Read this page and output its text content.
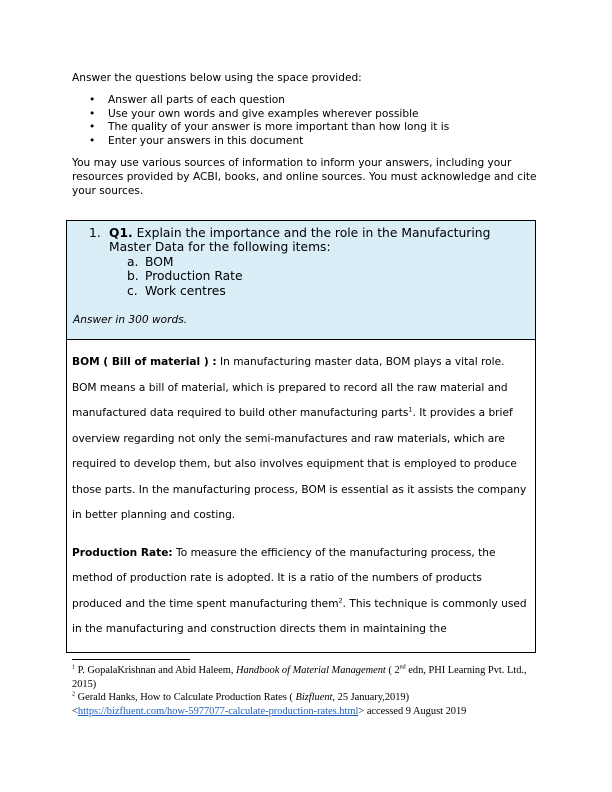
Answer the questions below using the space provided:

• Answer all parts of each question
• Use your own words and give examples wherever possible
• The quality of your answer is more important than how long it is
• Enter your answers in this document

You may use various sources of information to inform your answers, including your resources provided by ACBI, books, and online sources. You must acknowledge and cite your sources.

1. Q1. Explain the importance and the role in the Manufacturing Master Data for the following items:
a. BOM
b. Production Rate
c. Work centres
Answer in 300 words.

BOM ( Bill of material ) : In manufacturing master data, BOM plays a vital role. BOM means a bill of material, which is prepared to record all the raw material and manufactured data required to build other manufacturing parts$^1$. It provides a brief overview regarding not only the semi-manufactures and raw materials, which are required to develop them, but also involves equipment that is employed to produce those parts. In the manufacturing process, BOM is essential as it assists the company in better planning and costing.

Production Rate: To measure the efficiency of the manufacturing process, the method of production rate is adopted. It is a ratio of the numbers of products produced and the time spent manufacturing them$^2$. This technique is commonly used in the manufacturing and construction directs them in maintaining the

$^1$ P. GopalaKrishnan and Abid Haleem, Handbook of Material Management ( 2nd edn, PHI Learning Pvt. Ltd., 2015)

$^2$ Gerald Hanks, How to Calculate Production Rates ( Bizfluent, 25 January,2019)
<https://bizfluent.com/how-5977077-calculate-production-rates.html> accessed 9 August 2019
